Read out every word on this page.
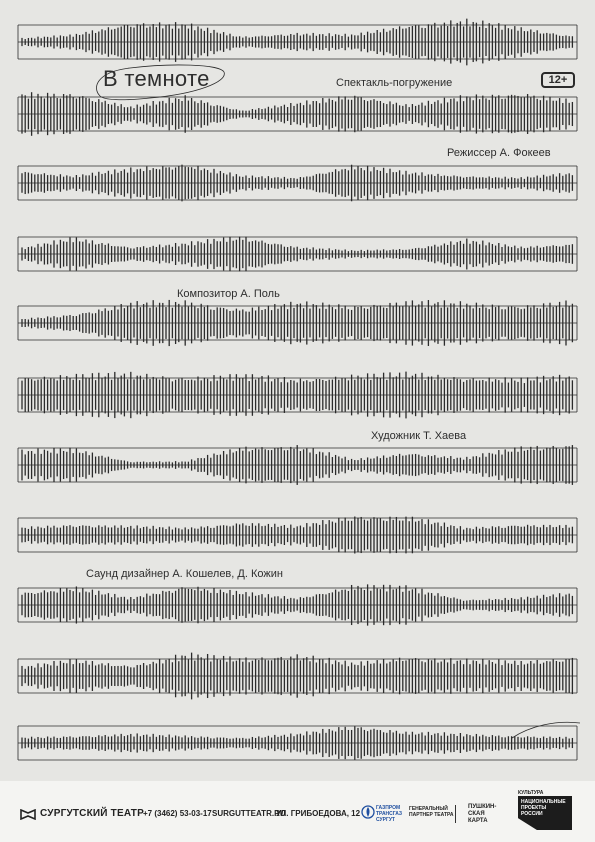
В темноте	Спектакль-погружение	12+
Режиссер А. Фокеев
Композитор А. Поль
Художник Т. Хаева
Саунд дизайнер А. Кошелев, Д. Кожин
СУРГУТСКИЙ ТЕАТР +7 (3462) 53-03-17 SURGUTTEATR.RU
УЛ. ГРИБОЕДОВА, 12
ГАЗПРОМ
ТРАНСГАЗ
СУРГУТ
ГЕНЕРАЛЬНЫЙ
ПАРТНЕР ТЕАТРА
ПУШКИН-
СКАЯ
КАРТА
КУЛЬТУРА
НАЦИОНАЛЬНЫЕ
ПРОЕКТЫ
РОССИИ
